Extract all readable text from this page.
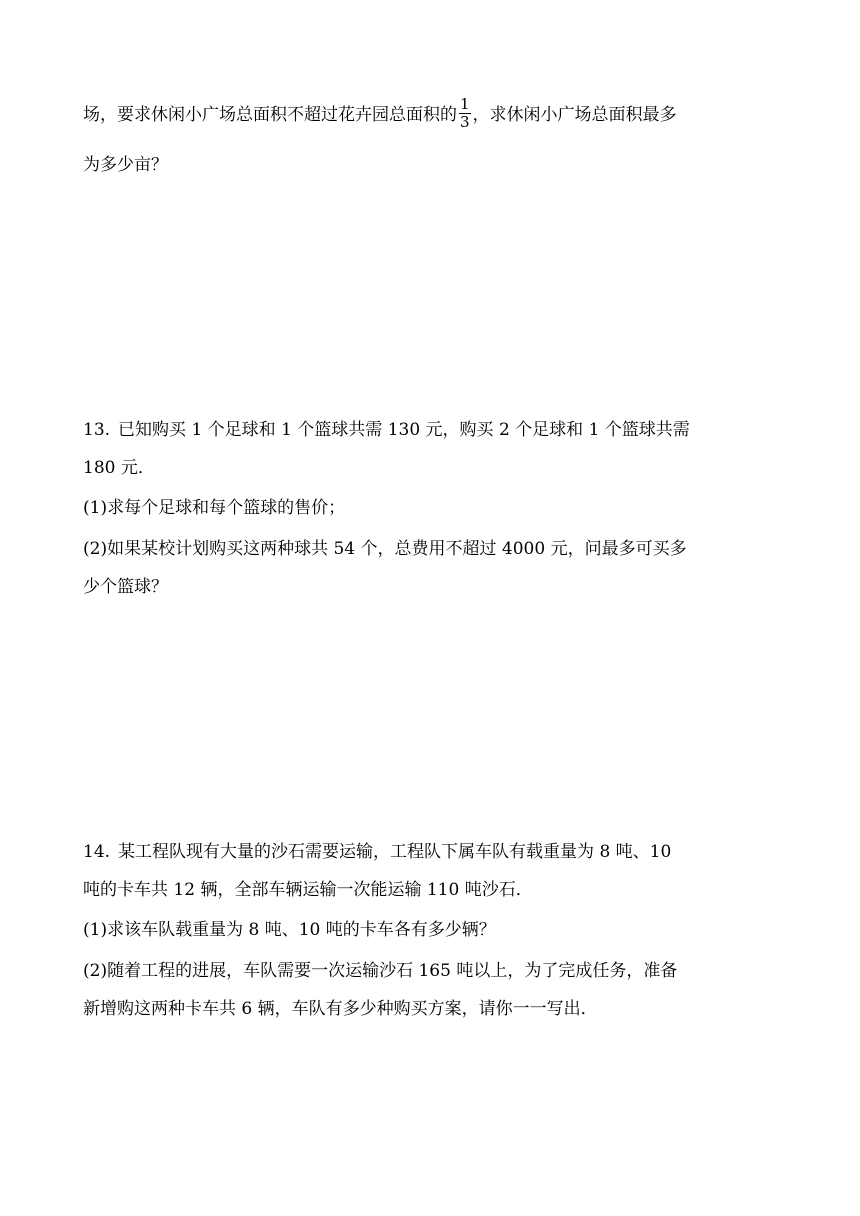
场，要求休闲小广场总面积不超过花卉园总面积的 $\frac{1}{3}$ ，求休闲小广场总面积最多
为多少亩？
13. 已知购买 1 个足球和 1 个篮球共需 130 元，购买 2 个足球和 1 个篮球共需
180 元．
(1)求每个足球和每个篮球的售价；
(2)如果某校计划购买这两种球共 54 个，总费用不超过 4000 元，问最多可买多
少个篮球？
14. 某工程队现有大量的沙石需要运输，工程队下属车队有载重量为 8 吨、10
吨的卡车共 12 辆，全部车辆运输一次能运输 110 吨沙石．
(1)求该车队载重量为 8 吨、10 吨的卡车各有多少辆？
(2)随着工程的进展，车队需要一次运输沙石 165 吨以上，为了完成任务，准备
新增购这两种卡车共 6 辆，车队有多少种购买方案，请你一一写出．
